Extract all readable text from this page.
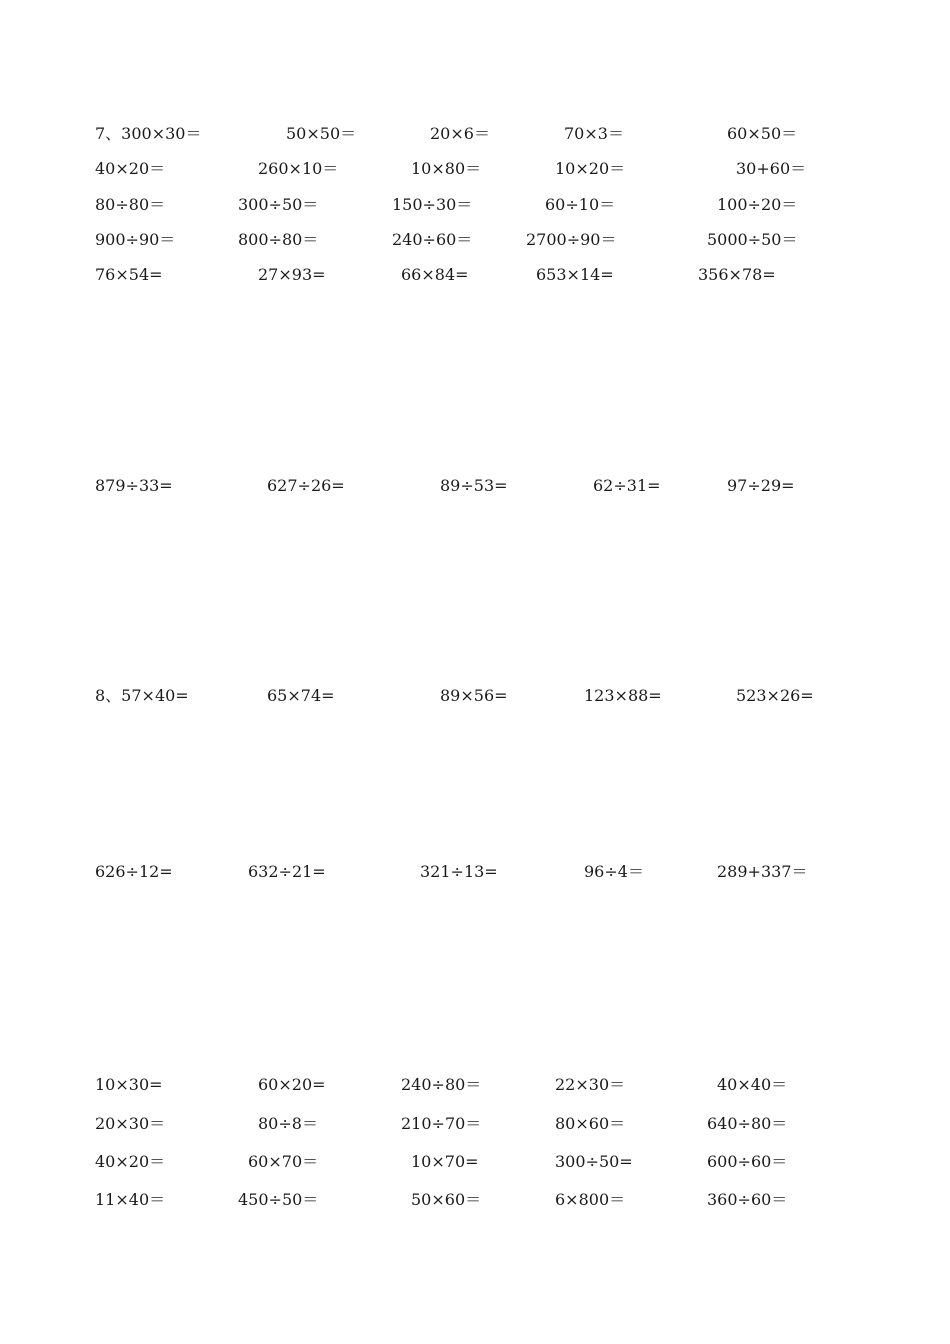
7、300×30＝	50×50＝	20×6＝	70×3＝	60×50＝
40×20＝	260×10＝	10×80＝	10×20＝	30+60＝
80÷80＝	300÷50＝	150÷30＝	60÷10＝	100÷20＝
900÷90＝	800÷80＝	240÷60＝	2700÷90＝	5000÷50＝
76×54=	27×93=	66×84=	653×14=	356×78=
879÷33=	627÷26=	89÷53=	62÷31=	97÷29=
8、57×40=	65×74=	89×56=	123×88=	523×26=
626÷12=	632÷21=	321÷13=	96÷4＝	289+337＝
10×30=	60×20=	240÷80＝	22×30＝	40×40＝
20×30＝	80÷8＝	210÷70＝	80×60＝	640÷80＝
40×20＝	60×70＝	10×70=	300÷50=	600÷60＝
11×40＝	450÷50＝	50×60＝	6×800＝	360÷60＝
